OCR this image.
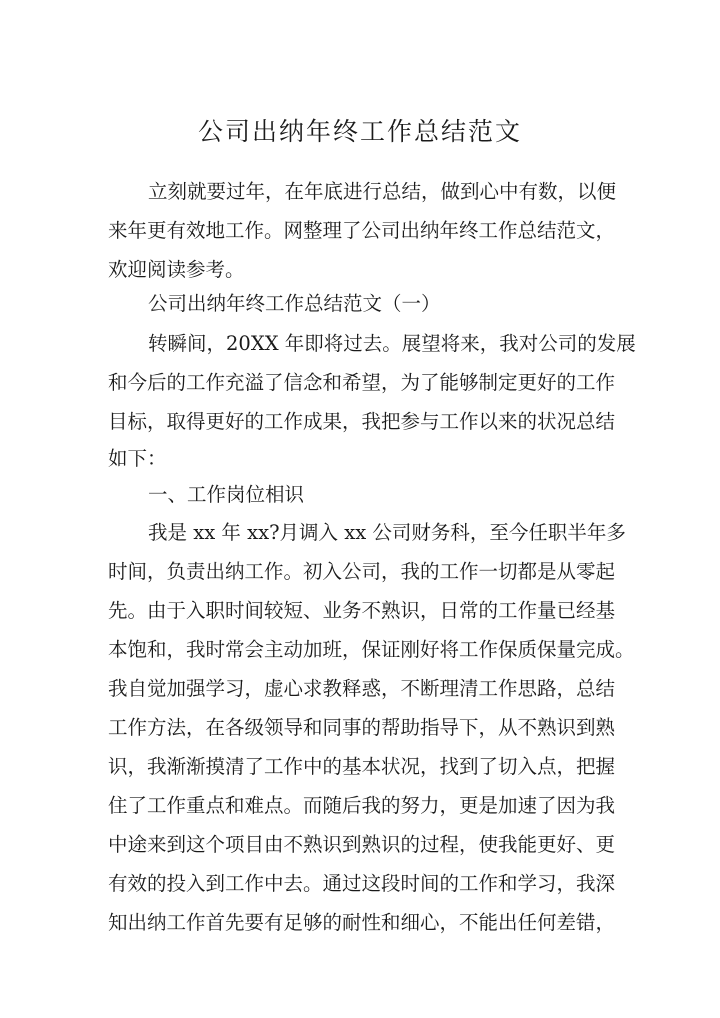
公司出纳年终工作总结范文
立刻就要过年，在年底进行总结，做到心中有数，以便
来年更有效地工作。网整理了公司出纳年终工作总结范文，
欢迎阅读参考。
公司出纳年终工作总结范文（一）
转瞬间，20XX 年即将过去。展望将来，我对公司的发展
和今后的工作充溢了信念和希望，为了能够制定更好的工作
目标，取得更好的工作成果，我把参与工作以来的状况总结
如下：
一、工作岗位相识
我是 xx 年 xx?月调入 xx 公司财务科，至今任职半年多
时间，负责出纳工作。初入公司，我的工作一切都是从零起
先。由于入职时间较短、业务不熟识，日常的工作量已经基
本饱和，我时常会主动加班，保证刚好将工作保质保量完成。
我自觉加强学习，虚心求教释惑，不断理清工作思路，总结
工作方法，在各级领导和同事的帮助指导下，从不熟识到熟
识，我渐渐摸清了工作中的基本状况，找到了切入点，把握
住了工作重点和难点。而随后我的努力，更是加速了因为我
中途来到这个项目由不熟识到熟识的过程，使我能更好、更
有效的投入到工作中去。通过这段时间的工作和学习，我深
知出纳工作首先要有足够的耐性和细心，不能出任何差错，
